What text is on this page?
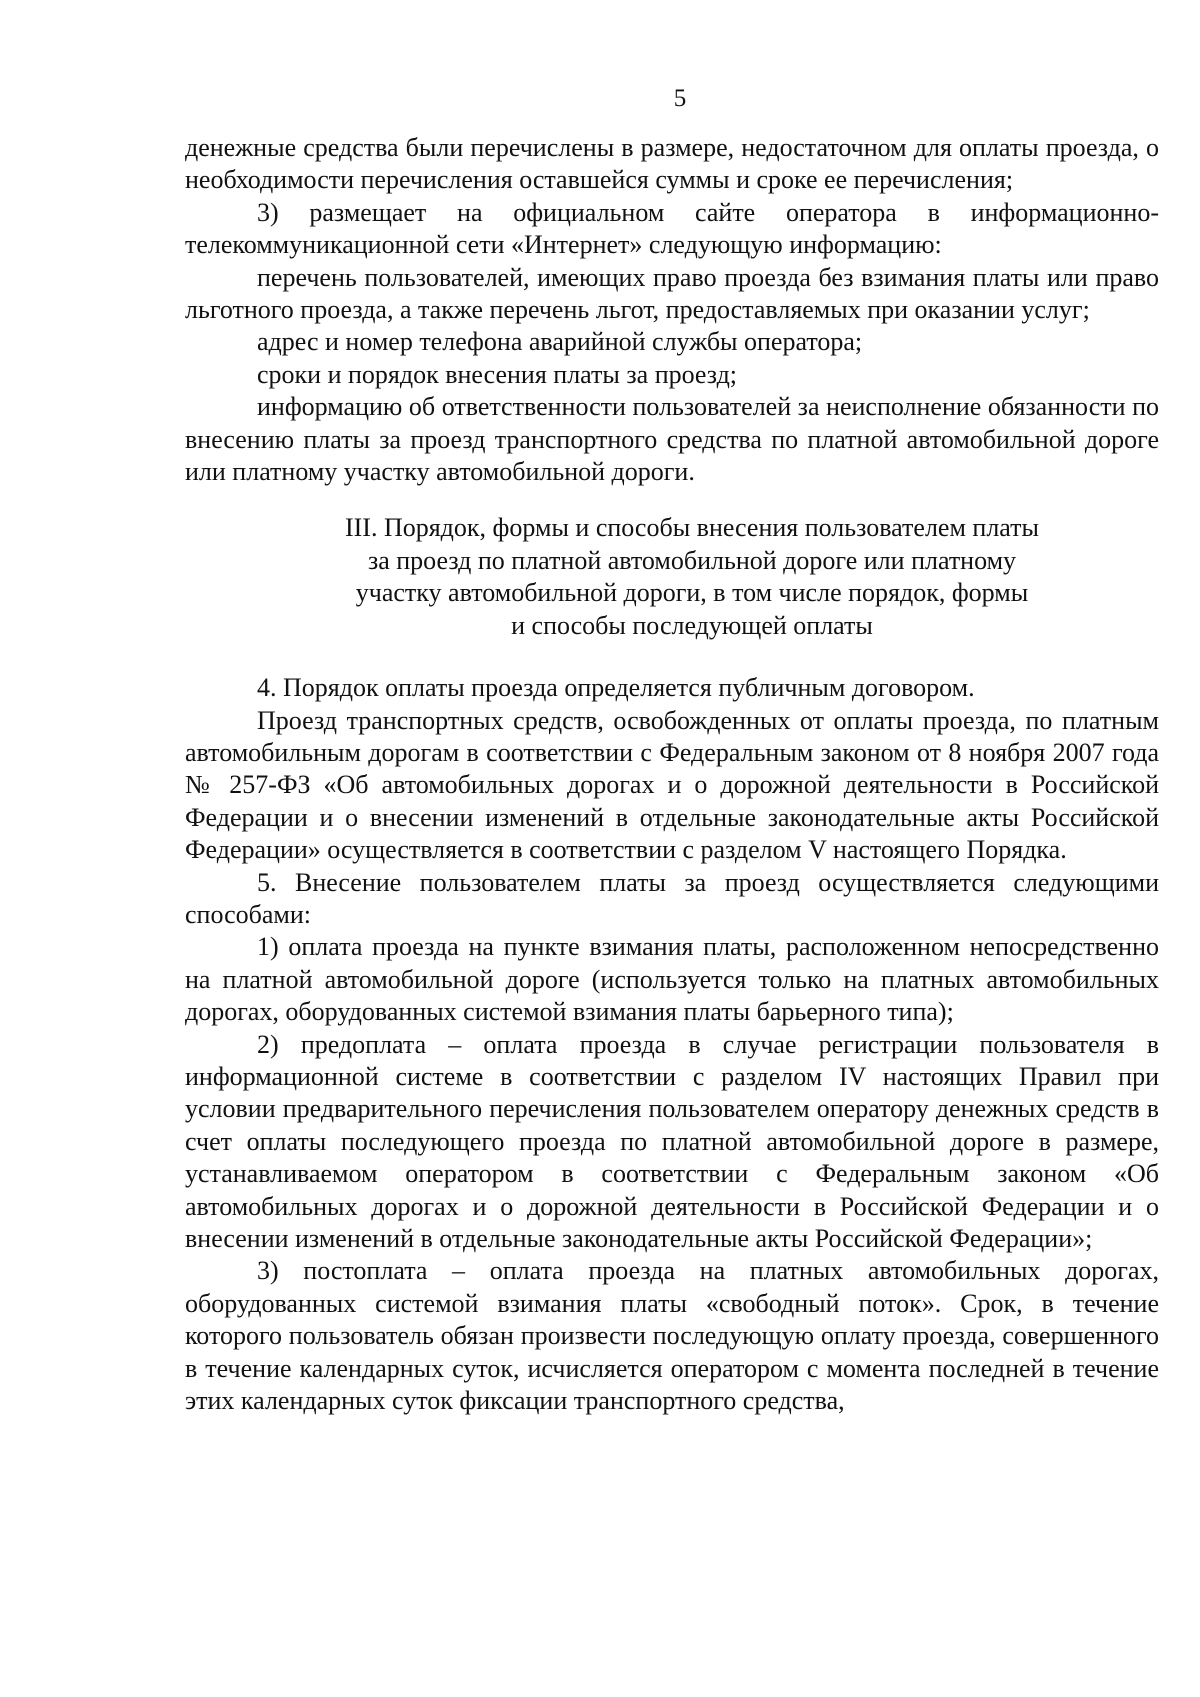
5

денежные средства были перечислены в размере, недостаточном для оплаты проезда, о необходимости перечисления оставшейся суммы и сроке ее перечисления;

3) размещает на официальном сайте оператора в информационно-телекоммуникационной сети «Интернет» следующую информацию:

перечень пользователей, имеющих право проезда без взимания платы или право льготного проезда, а также перечень льгот, предоставляемых при оказании услуг;

адрес и номер телефона аварийной службы оператора;

сроки и порядок внесения платы за проезд;

информацию об ответственности пользователей за неисполнение обязанности по внесению платы за проезд транспортного средства по платной автомобильной дороге или платному участку автомобильной дороги.

III. Порядок, формы и способы внесения пользователем платы
за проезд по платной автомобильной дороге или платному
участку автомобильной дороги, в том числе порядок, формы
и способы последующей оплаты

4. Порядок оплаты проезда определяется публичным договором.

Проезд транспортных средств, освобожденных от оплаты проезда, по платным автомобильным дорогам в соответствии с Федеральным законом от 8 ноября 2007 года № 257-ФЗ «Об автомобильных дорогах и о дорожной деятельности в Российской Федерации и о внесении изменений в отдельные законодательные акты Российской Федерации» осуществляется в соответствии с разделом V настоящего Порядка.

5. Внесение пользователем платы за проезд осуществляется следующими способами:

1) оплата проезда на пункте взимания платы, расположенном непосредственно на платной автомобильной дороге (используется только на платных автомобильных дорогах, оборудованных системой взимания платы барьерного типа);

2) предоплата – оплата проезда в случае регистрации пользователя в информационной системе в соответствии с разделом IV настоящих Правил при условии предварительного перечисления пользователем оператору денежных средств в счет оплаты последующего проезда по платной автомобильной дороге в размере, устанавливаемом оператором в соответствии с Федеральным законом «Об автомобильных дорогах и о дорожной деятельности в Российской Федерации и о внесении изменений в отдельные законодательные акты Российской Федерации»;

3) постоплата – оплата проезда на платных автомобильных дорогах, оборудованных системой взимания платы «свободный поток». Срок, в течение которого пользователь обязан произвести последующую оплату проезда, совершенного в течение календарных суток, исчисляется оператором с момента последней в течение этих календарных суток фиксации транспортного средства,
